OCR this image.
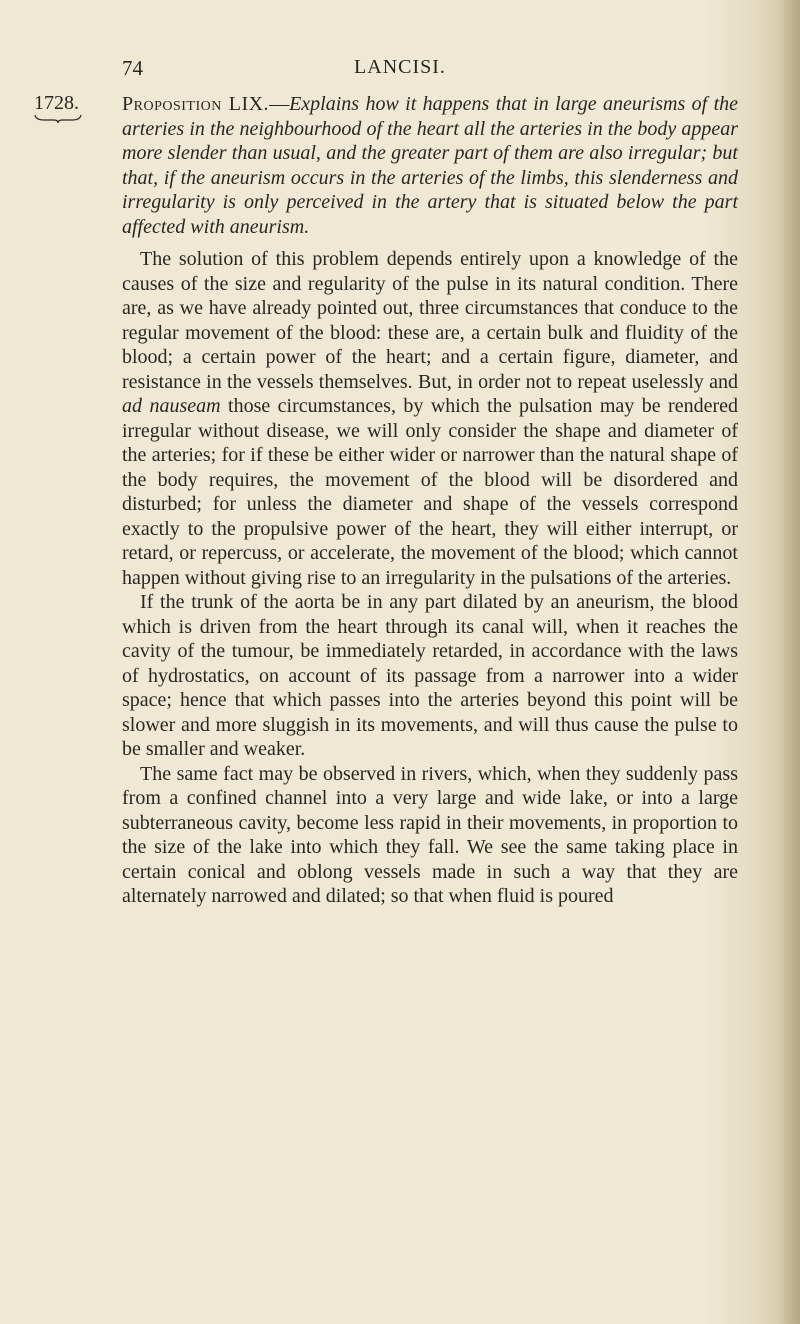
74	LANCISI.
1728. Proposition LIX.—Explains how it happens that in large aneurisms of the arteries in the neighbourhood of the heart all the arteries in the body appear more slender than usual, and the greater part of them are also irregular; but that, if the aneurism occurs in the arteries of the limbs, this slenderness and irregularity is only perceived in the artery that is situated below the part affected with aneurism.

The solution of this problem depends entirely upon a knowledge of the causes of the size and regularity of the pulse in its natural condition. There are, as we have already pointed out, three circumstances that conduce to the regular movement of the blood: these are, a certain bulk and fluidity of the blood; a certain power of the heart; and a certain figure, diameter, and resistance in the vessels themselves. But, in order not to repeat uselessly and ad nauseam those circumstances, by which the pulsation may be rendered irregular without disease, we will only consider the shape and diameter of the arteries; for if these be either wider or narrower than the natural shape of the body requires, the movement of the blood will be disordered and disturbed; for unless the diameter and shape of the vessels correspond exactly to the propulsive power of the heart, they will either interrupt, or retard, or repercuss, or accelerate, the movement of the blood; which cannot happen without giving rise to an irregularity in the pulsations of the arteries.

If the trunk of the aorta be in any part dilated by an aneurism, the blood which is driven from the heart through its canal will, when it reaches the cavity of the tumour, be immediately retarded, in accordance with the laws of hydrostatics, on account of its passage from a narrower into a wider space; hence that which passes into the arteries beyond this point will be slower and more sluggish in its movements, and will thus cause the pulse to be smaller and weaker.

The same fact may be observed in rivers, which, when they suddenly pass from a confined channel into a very large and wide lake, or into a large subterraneous cavity, become less rapid in their movements, in proportion to the size of the lake into which they fall. We see the same taking place in certain conical and oblong vessels made in such a way that they are alternately narrowed and dilated; so that when fluid is poured
